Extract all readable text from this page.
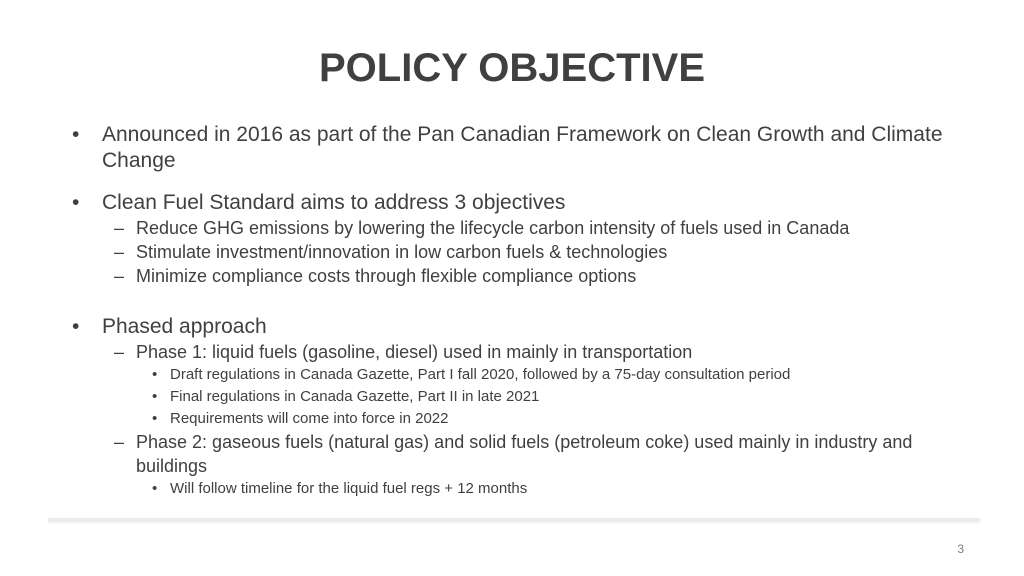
POLICY OBJECTIVE
• Announced in 2016 as part of the Pan Canadian Framework on Clean Growth and Climate Change
• Clean Fuel Standard aims to address 3 objectives
– Reduce GHG emissions by lowering the lifecycle carbon intensity of fuels used in Canada
– Stimulate investment/innovation in low carbon fuels & technologies
– Minimize compliance costs through flexible compliance options
• Phased approach
– Phase 1: liquid fuels (gasoline, diesel) used in mainly in transportation
• Draft regulations in Canada Gazette, Part I fall 2020, followed by a 75-day consultation period
• Final regulations in Canada Gazette, Part II in late 2021
• Requirements will come into force in 2022
– Phase 2: gaseous fuels (natural gas) and solid fuels (petroleum coke) used mainly in industry and buildings
• Will follow timeline for the liquid fuel regs + 12 months
3
